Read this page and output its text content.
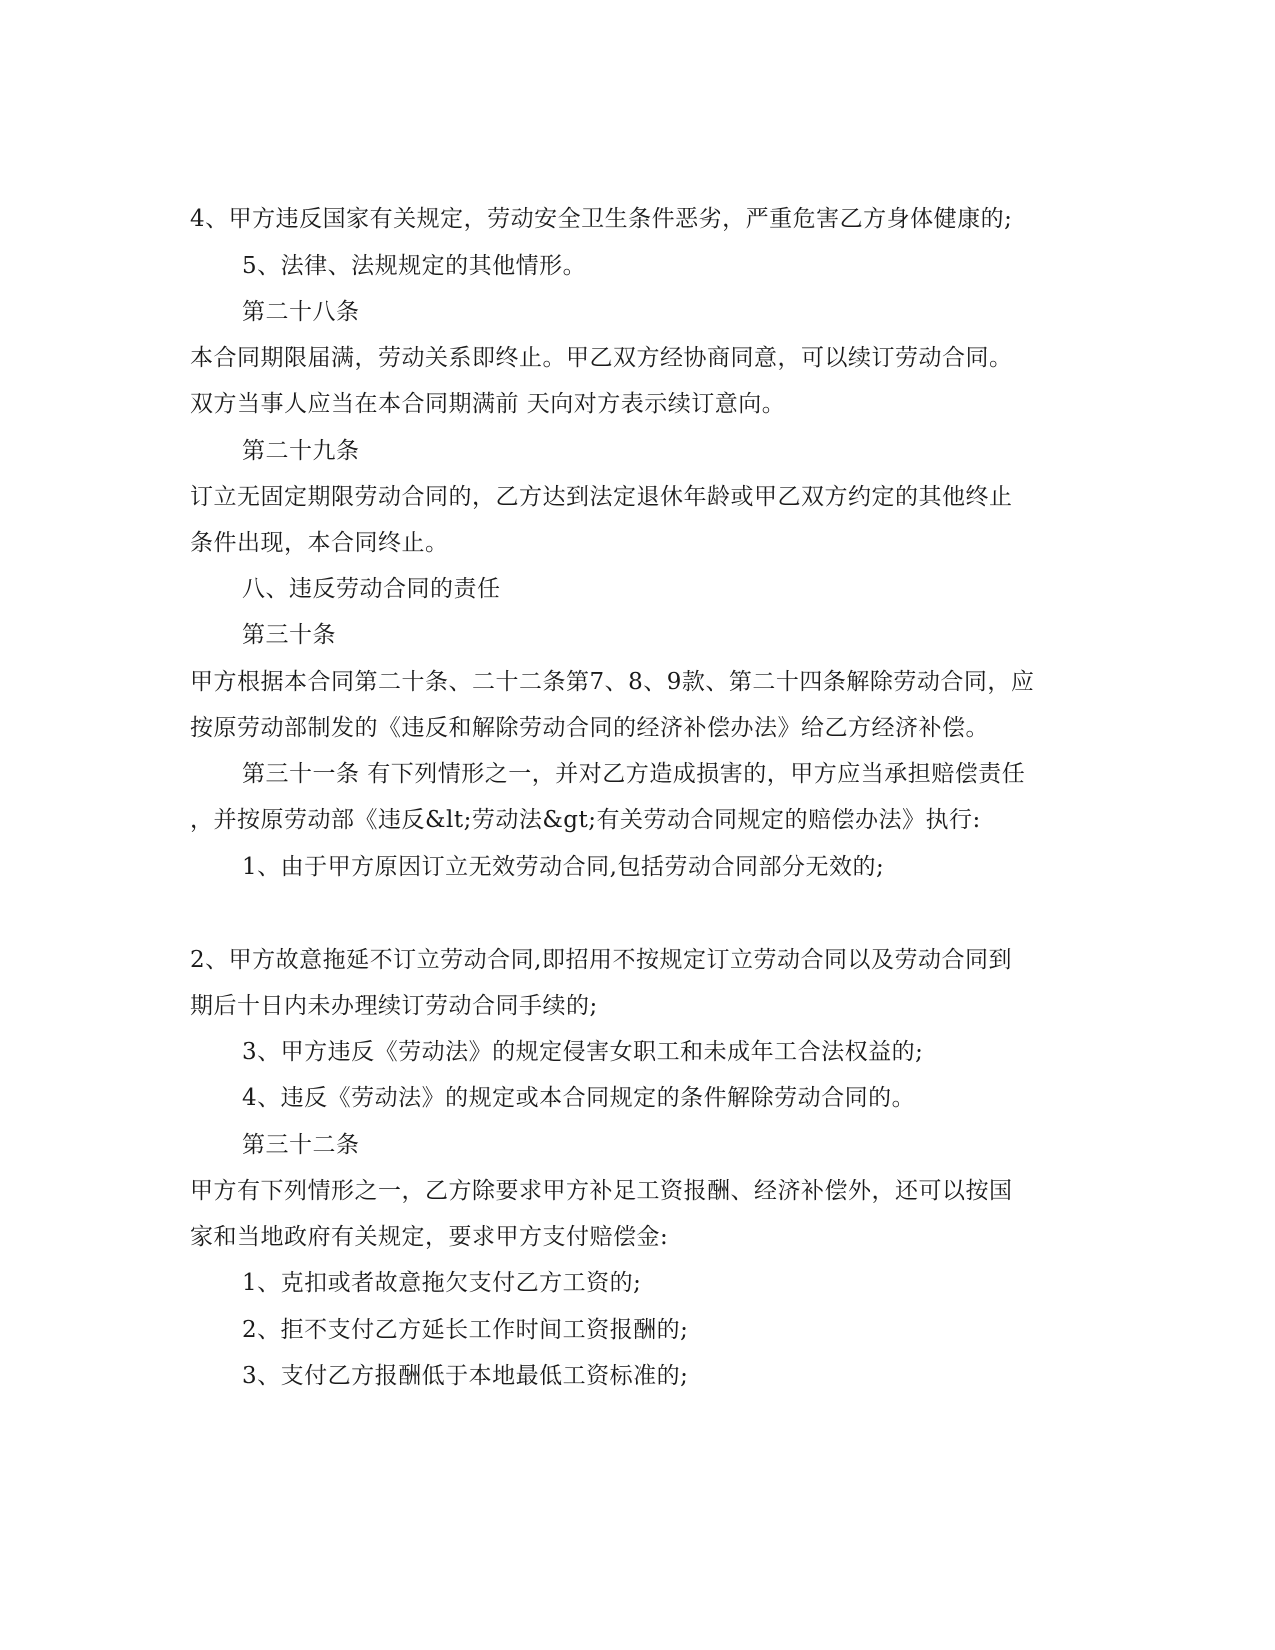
4、甲方违反国家有关规定，劳动安全卫生条件恶劣，严重危害乙方身体健康的;
5、法律、法规规定的其他情形。
第二十八条
本合同期限届满，劳动关系即终止。甲乙双方经协商同意，可以续订劳动合同。
双方当事人应当在本合同期满前 天向对方表示续订意向。
第二十九条
订立无固定期限劳动合同的，乙方达到法定退休年龄或甲乙双方约定的其他终止
条件出现，本合同终止。
八、违反劳动合同的责任
第三十条
甲方根据本合同第二十条、二十二条第7、8、9款、第二十四条解除劳动合同，应
按原劳动部制发的《违反和解除劳动合同的经济补偿办法》给乙方经济补偿。
第三十一条 有下列情形之一，并对乙方造成损害的，甲方应当承担赔偿责任
，并按原劳动部《违反&lt;劳动法&gt;有关劳动合同规定的赔偿办法》执行:
1、由于甲方原因订立无效劳动合同,包括劳动合同部分无效的;
2、甲方故意拖延不订立劳动合同,即招用不按规定订立劳动合同以及劳动合同到
期后十日内未办理续订劳动合同手续的;
3、甲方违反《劳动法》的规定侵害女职工和未成年工合法权益的;
4、违反《劳动法》的规定或本合同规定的条件解除劳动合同的。
第三十二条
甲方有下列情形之一，乙方除要求甲方补足工资报酬、经济补偿外，还可以按国
家和当地政府有关规定，要求甲方支付赔偿金:
1、克扣或者故意拖欠支付乙方工资的;
2、拒不支付乙方延长工作时间工资报酬的;
3、支付乙方报酬低于本地最低工资标准的;
